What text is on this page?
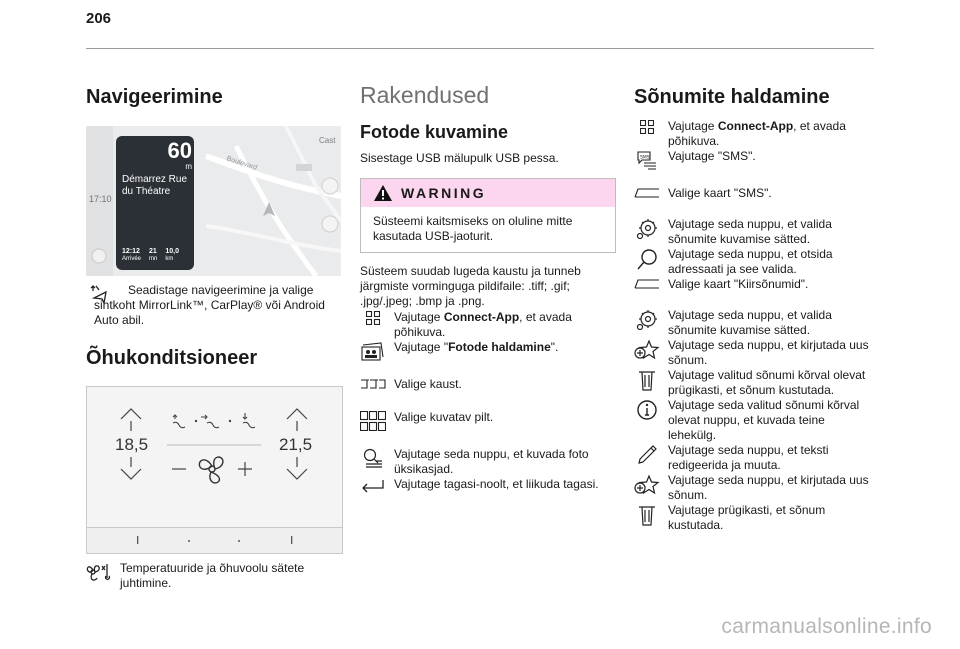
206
Navigeerimine
Cast
Boulevard
17:10
60
m
Démarrez Rue du Théatre
12:12
Arrivée
21
mn
10,0
km
Seadistage navigeerimine ja valige sihtkoht MirrorLink™, CarPlay® või Android Auto abil.
Õhukonditsioneer
18,5	21,5
Temperatuuride ja õhuvoolu sätete juhtimine.
Rakendused
Fotode kuvamine

Sisestage USB mälupulk USB pessa.

WARNING
Süsteemi kaitsmiseks on oluline mitte kasutada USB-jaoturit.

Süsteem suudab lugeda kaustu ja tunneb järgmiste vorminguga pildifaile: .tiff; .gif; .jpg/.jpeg; .bmp ja .png.

Vajutage Connect-App, et avada põhikuva.
Vajutage "Fotode haldamine".
Valige kaust.
Valige kuvatav pilt.
Vajutage seda nuppu, et kuvada foto üksikasjad.
Vajutage tagasi-noolt, et liikuda tagasi.
Sõnumite haldamine
Vajutage Connect-App, et avada põhikuva.
SMS	Vajutage "SMS".
Valige kaart "SMS".
Vajutage seda nuppu, et valida sõnumite kuvamise sätted.
Vajutage seda nuppu, et otsida adressaati ja see valida.
Valige kaart "Kiirsõnumid".
Vajutage seda nuppu, et valida sõnumite kuvamise sätted.
Vajutage seda nuppu, et kirjutada uus sõnum.
Vajutage valitud sõnumi kõrval olevat prügikasti, et sõnum kustutada.
Vajutage seda valitud sõnumi kõrval olevat nuppu, et kuvada teine lehekülg.
Vajutage seda nuppu, et teksti redigeerida ja muuta.
Vajutage seda nuppu, et kirjutada uus sõnum.
Vajutage prügikasti, et sõnum kustutada.
carmanualsonline.info
